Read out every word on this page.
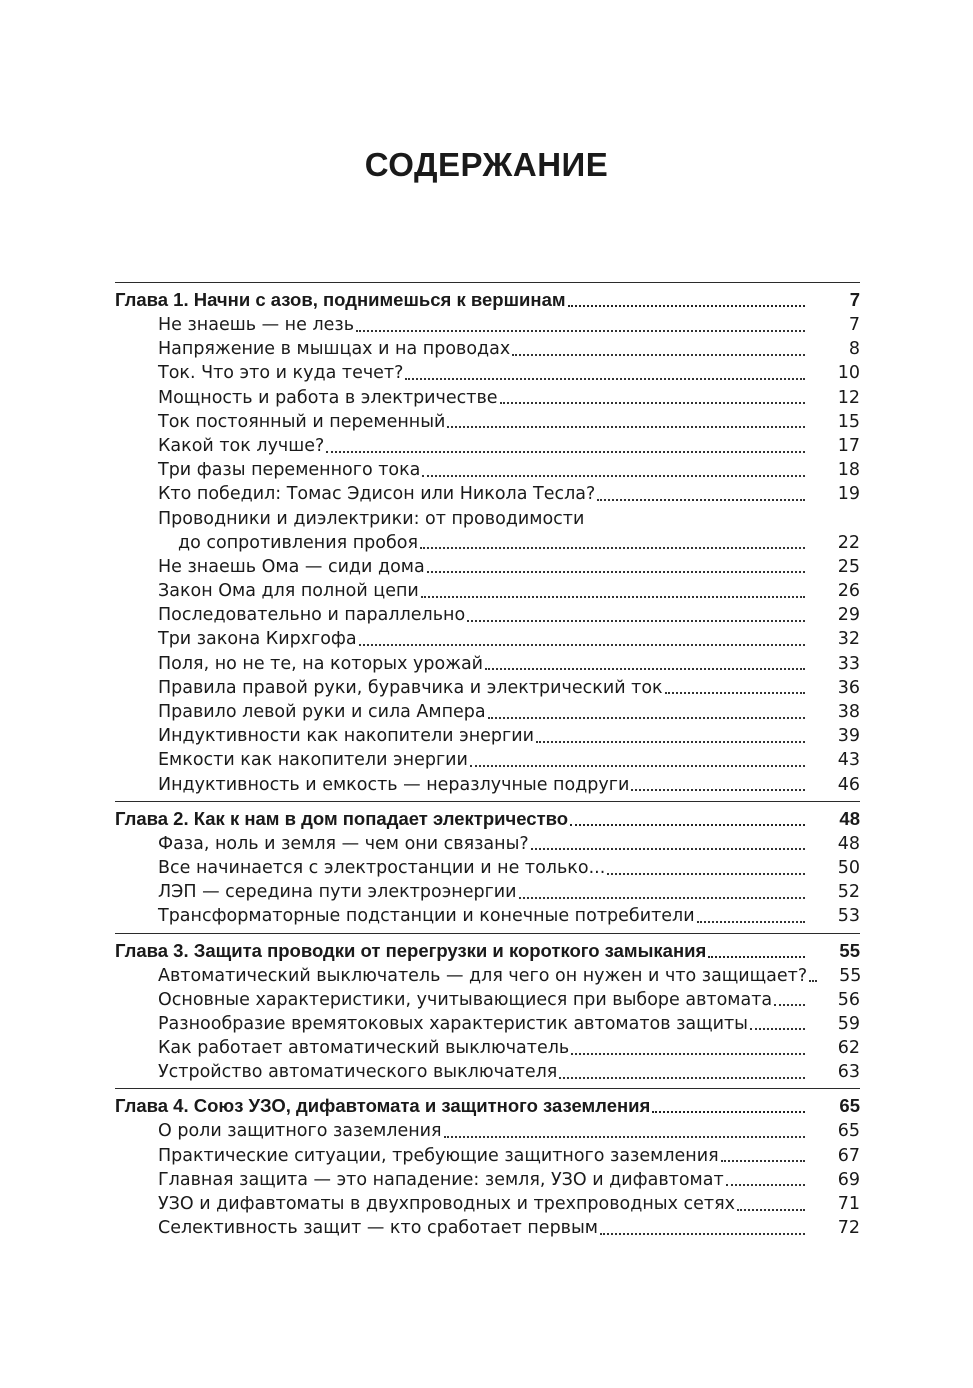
СОДЕРЖАНИЕ
Глава 1. Начни с азов, поднимешься к вершинам	7
Не знаешь — не лезь	7
Напряжение в мышцах и на проводах	8
Ток. Что это и куда течет?	10
Мощность и работа в электричестве	12
Ток постоянный и переменный	15
Какой ток лучше?	17
Три фазы переменного тока	18
Кто победил: Томас Эдисон или Никола Тесла?	19
Проводники и диэлектрики: от проводимости
до сопротивления пробоя	22
Не знаешь Ома — сиди дома	25
Закон Ома для полной цепи	26
Последовательно и параллельно	29
Три закона Кирхгофа	32
Поля, но не те, на которых урожай	33
Правила правой руки, буравчика и электрический ток	36
Правило левой руки и сила Ампера	38
Индуктивности как накопители энергии	39
Емкости как накопители энергии	43
Индуктивность и емкость — неразлучные подруги	46
Глава 2. Как к нам в дом попадает электричество	48
Фаза, ноль и земля — чем они связаны?	48
Все начинается с электростанции и не только...	50
ЛЭП — середина пути электроэнергии	52
Трансформаторные подстанции и конечные потребители	53
Глава 3. Защита проводки от перегрузки и короткого замыкания	55
Автоматический выключатель — для чего он нужен и что защищает? 55
Основные характеристики, учитывающиеся при выборе автомата	56
Разнообразие времятоковых характеристик автоматов защиты	59
Как работает автоматический выключатель	62
Устройство автоматического выключателя	63
Глава 4. Союз УЗО, дифавтомата и защитного заземления	65
О роли защитного заземления	65
Практические ситуации, требующие защитного заземления	67
Главная защита — это нападение: земля, УЗО и дифавтомат	69
УЗО и дифавтоматы в двухпроводных и трехпроводных сетях	71
Селективность защит — кто сработает первым	72
